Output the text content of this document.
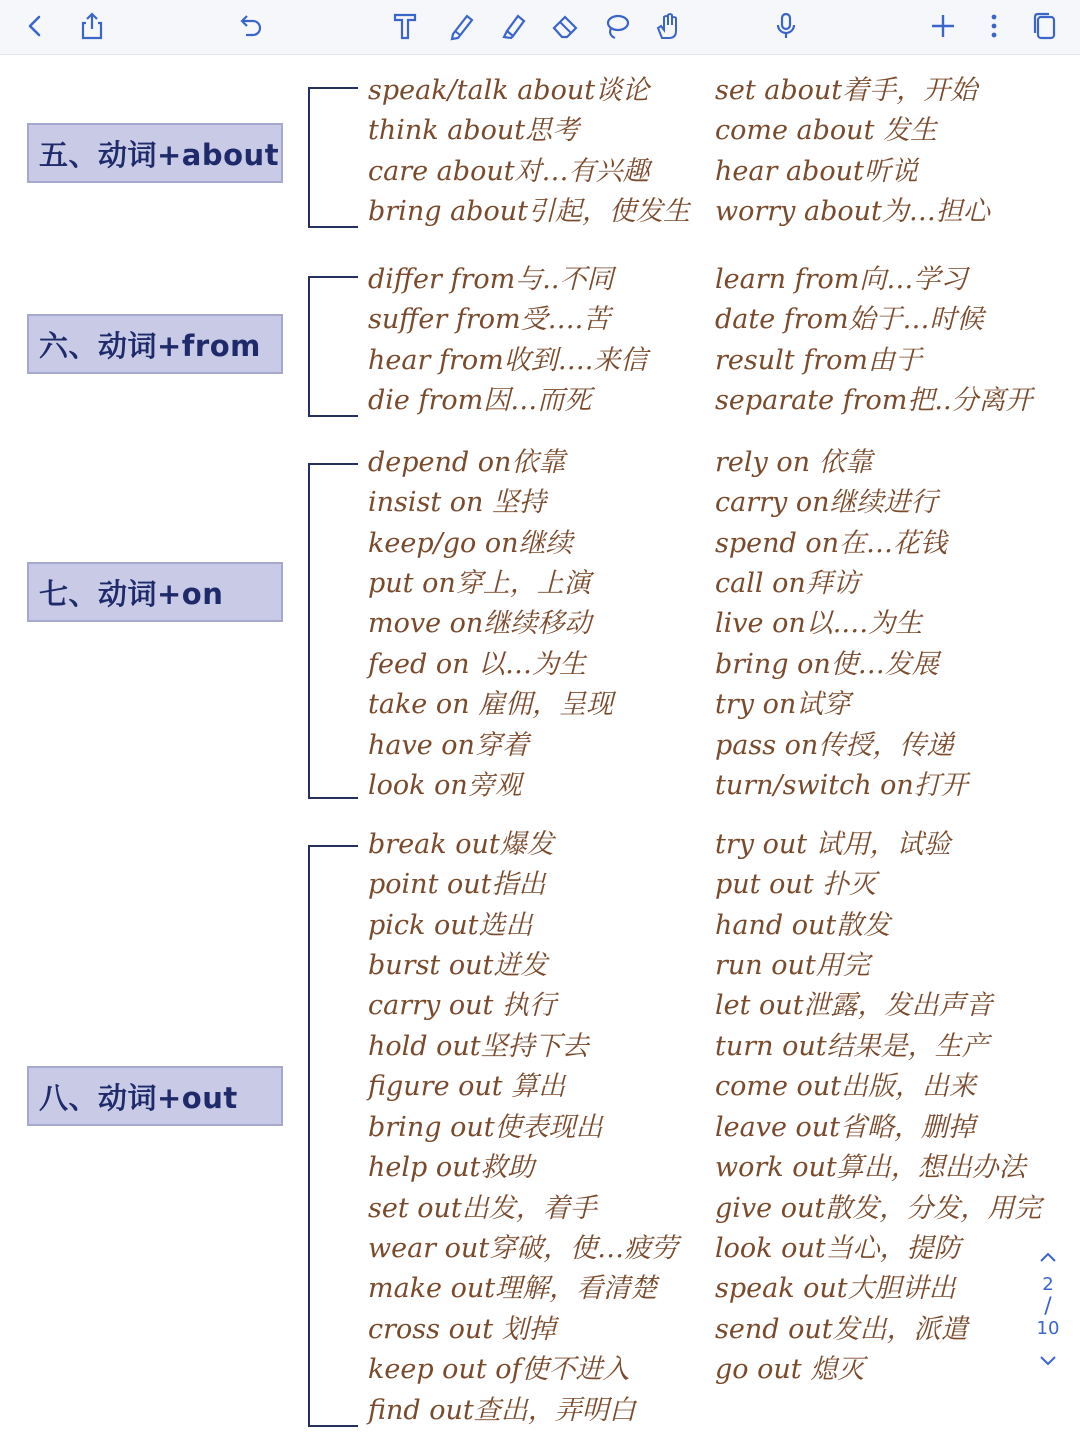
五、动词+about
speak/talk about谈论
think about思考
care about对…有兴趣
bring about引起，使发生
set about着手，开始
come about 发生
hear about听说
worry about为…担心
六、动词+from
differ from与..不同
suffer from受….苦
hear from收到….来信
die from因…而死
learn from向…学习
date from始于…时候
result from由于
separate from把..分离开
七、动词+on
depend on依靠
insist on 坚持
keep/go on继续
put on穿上，上演
move on继续移动
feed on 以…为生
take on 雇佣，呈现
have on穿着
look on旁观
rely on 依靠
carry on继续进行
spend on在…花钱
call on拜访
live on以.…为生
bring on使…发展
try on试穿
pass on传授，传递
turn/switch on打开
八、动词+out
break out爆发
point out指出
pick out选出
burst out迸发
carry out 执行
hold out坚持下去
figure out 算出
bring out使表现出
help out救助
set out出发，着手
wear out穿破，使…疲劳
make out理解，看清楚
cross out 划掉
keep out of使不进入
find out查出，弄明白
try out 试用，试验
put out 扑灭
hand out散发
run out用完
let out泄露，发出声音
turn out结果是，生产
come out出版，出来
leave out省略，删掉
work out算出，想出办法
give out散发，分发，用完
look out当心，提防
speak out大胆讲出
send out发出，派遣
go out 熄灭
2
/
10
